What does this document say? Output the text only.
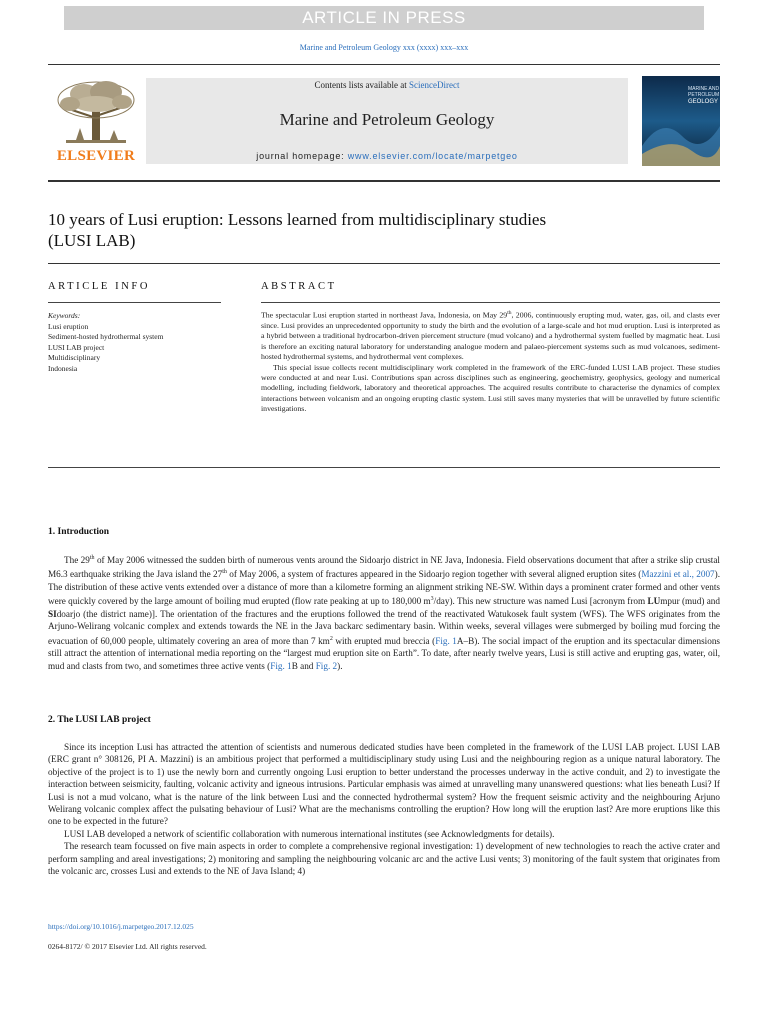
ARTICLE IN PRESS
Marine and Petroleum Geology xxx (xxxx) xxx–xxx
ELSEVIER
Contents lists available at ScienceDirect
Marine and Petroleum Geology
journal homepage: www.elsevier.com/locate/marpetgeo
MARINE AND
PETROLEUM
GEOLOGY
10 years of Lusi eruption: Lessons learned from multidisciplinary studies
(LUSI LAB)
ARTICLE INFO	ABSTRACT
Keywords:
Lusi eruption
Sediment-hosted hydrothermal system
LUSI LAB project
Multidisciplinary
Indonesia

The spectacular Lusi eruption started in northeast Java, Indonesia, on May 29th, 2006, continuously erupting mud, water, gas, oil, and clasts ever since. Lusi provides an unprecedented opportunity to study the birth and the evolution of a large-scale and hot mud eruption. Lusi is interpreted as a hybrid between a traditional hydrocarbon-driven piercement structure (mud volcano) and a hydrothermal system fuelled by magmatic heat. Lusi is therefore an exciting natural laboratory for understanding analogue modern and palaeo-piercement systems such as mud volcanoes, sediment-hosted hydrothermal systems, and hydrothermal vent complexes.

This special issue collects recent multidisciplinary work completed in the framework of the ERC-funded LUSI LAB project. These studies were conducted at and near Lusi. Contributions span across disciplines such as engineering, geochemistry, geophysics, geology and numerical modelling, including fieldwork, laboratory and theoretical approaches. The acquired results contribute to characterise the dynamics of complex interactions between volcanism and an ongoing erupting clastic system. Lusi still saves many mysteries that will be unravelled by future scientific investigations.

1. Introduction

The 29th of May 2006 witnessed the sudden birth of numerous vents around the Sidoarjo district in NE Java, Indonesia. Field observations document that after a strike slip crustal M6.3 earthquake striking the Java island the 27th of May 2006, a system of fractures appeared in the Sidoarjo region together with several aligned eruption sites (Mazzini et al., 2007). The distribution of these active vents extended over a distance of more than a kilometre forming an alignment striking NE-SW. Within days a prominent crater formed and other vents were quickly covered by the large amount of boiling mud erupted (flow rate peaking at up to 180,000 $m^3/day$). This new structure was named Lusi [acronym from LUmpur (mud) and SIdoarjo (the district name)]. The orientation of the fractures and the eruptions followed the trend of the reactivated Watukosek fault system (WFS). The WFS originates from the Arjuno-Welirang volcanic complex and extends towards the NE in the Java backarc sedimentary basin. Within weeks, several villages were submerged by boiling mud forcing the evacuation of 60,000 people, ultimately covering an area of more than 7 $km^2$ with erupted mud breccia (Fig. 1A–B). The social impact of the eruption and its spectacular dimensions still attract the attention of international media reporting on the “largest mud eruption site on Earth”. To date, after nearly twelve years, Lusi is still active and erupting gas, water, oil, mud and clasts from two, and sometimes three active vents (Fig. 1B and Fig. 2).

2. The LUSI LAB project

Since its inception Lusi has attracted the attention of scientists and numerous dedicated studies have been completed in the framework of the LUSI LAB project. LUSI LAB (ERC grant n° 308126, PI A. Mazzini) is an ambitious project that performed a multidisciplinary study using Lusi and the neighbouring region as a unique natural laboratory. The objective of the project is to 1) use the newly born and currently ongoing Lusi eruption to better understand the processes underway in the active conduit, and 2) to investigate the interaction between seismicity, faulting, volcanic activity and igneous intrusions. Particular emphasis was aimed at unravelling many unanswered questions: what lies beneath Lusi? If Lusi is not a mud volcano, what is the nature of the link between Lusi and the connected hydrothermal system? How the frequent seismic activity and the neighbouring Arjuno Welirang volcanic complex affect the pulsating behaviour of Lusi? What are the mechanisms controlling the eruption? How long will the eruption last? Are more eruptions like this one to be expected in the future?

LUSI LAB developed a network of scientific collaboration with numerous international institutes (see Acknowledgments for details).

The research team focussed on five main aspects in order to complete a comprehensive regional investigation: 1) development of new technologies to reach the active crater and perform sampling and areal investigations; 2) monitoring and sampling the neighbouring volcanic arc and the active Lusi vents; 3) monitoring of the fault system that originates from the volcanic arc, crosses Lusi and extends to the NE of Java Island; 4)

https://doi.org/10.1016/j.marpetgeo.2017.12.025
0264-8172/ © 2017 Elsevier Ltd. All rights reserved.
